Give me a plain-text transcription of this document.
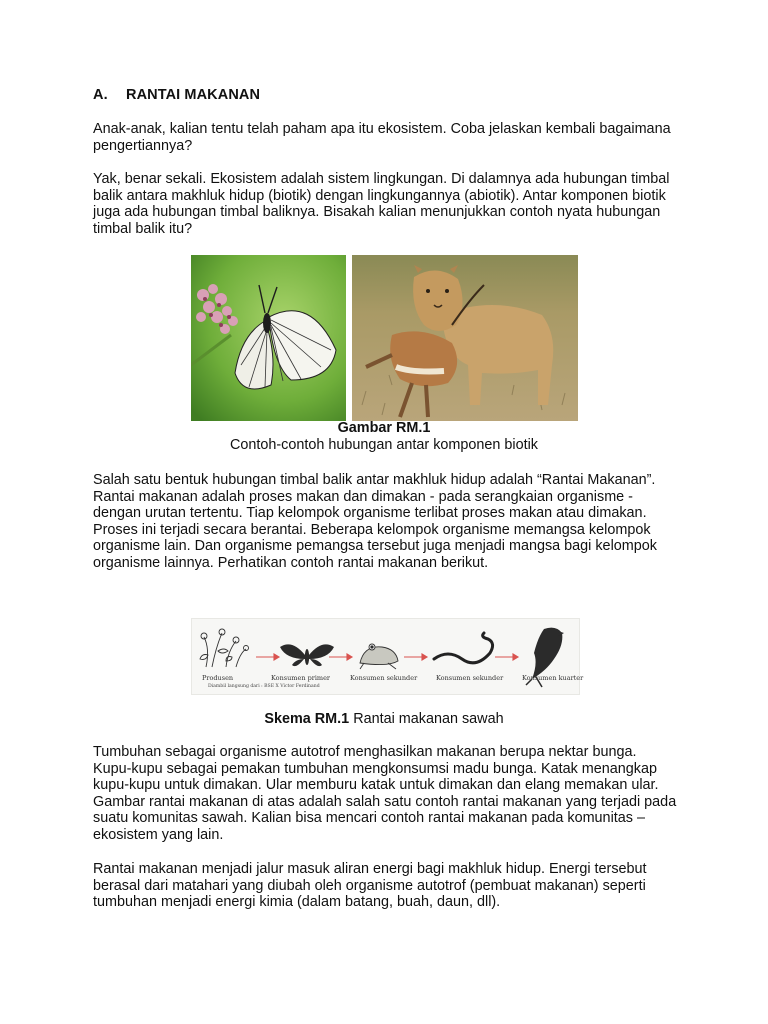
A. RANTAI MAKANAN

Anak-anak, kalian tentu telah paham apa itu ekosistem. Coba jelaskan kembali bagaimana pengertiannya?

Yak, benar sekali. Ekosistem adalah sistem lingkungan. Di dalamnya ada hubungan timbal balik antara makhluk hidup (biotik) dengan lingkungannya (abiotik). Antar komponen biotik juga ada hubungan timbal baliknya. Bisakah kalian menunjukkan contoh nyata hubungan timbal balik itu?

Salah satu bentuk hubungan timbal balik antar makhluk hidup adalah “Rantai Makanan”. Rantai makanan adalah proses makan dan dimakan - pada serangkaian organisme - dengan urutan tertentu. Tiap kelompok organisme terlibat proses makan atau dimakan. Proses ini terjadi secara berantai. Beberapa kelompok organisme memangsa kelompok organisme lain. Dan organisme pemangsa tersebut juga menjadi mangsa bagi kelompok organisme lainnya. Perhatikan contoh rantai makanan berikut.

Tumbuhan sebagai organisme autotrof menghasilkan makanan berupa nektar bunga. Kupu-kupu sebagai pemakan tumbuhan mengkonsumsi madu bunga. Katak menangkap kupu-kupu untuk dimakan. Ular memburu katak untuk dimakan dan elang memakan ular. Gambar rantai makanan di atas adalah salah satu contoh rantai makanan yang terjadi pada suatu komunitas sawah. Kalian bisa mencari contoh rantai makanan pada komunitas – ekosistem yang lain.

Rantai makanan menjadi jalur masuk aliran energi bagi makhluk hidup. Energi tersebut berasal dari matahari yang diubah oleh organisme autotrof (pembuat makanan) seperti tumbuhan menjadi energi kimia (dalam batang, buah, daun, dll).

Gambar RM.1
Contoh-contoh hubungan antar komponen biotik
Produsen	Konsumen primer	Konsumen sekunder	Konsumen sekunder	Konsumen kuarter
Diambil langsung dari : BSE X Victor Ferdinand
Skema RM.1 Rantai makanan sawah
